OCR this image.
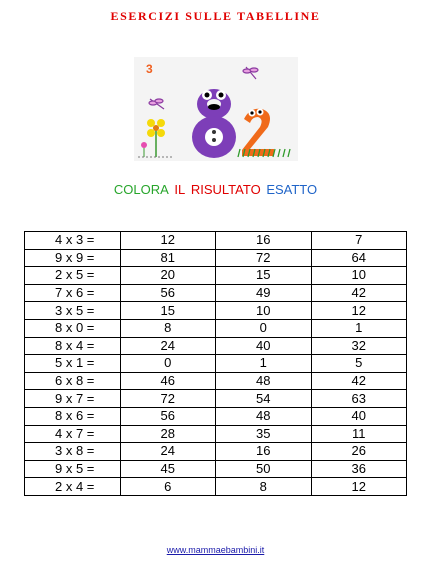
ESERCIZI SULLE TABELLINE
3
COLORA IL RISULTATO ESATTO
4 x 3 =	12	16	7
9 x 9 =	81	72	64
2 x 5 =	20	15	10
7 x 6 =	56	49	42
3 x 5 =	15	10	12
8 x 0 =	8	0	1
8 x 4 =	24	40	32
5 x 1 =	0	1	5
6 x 8 =	46	48	42
9 x 7 =	72	54	63
8 x 6 =	56	48	40
4 x 7 =	28	35	11
3 x 8 =	24	16	26
9 x 5 =	45	50	36
2 x 4 =	6	8	12
www.mammaebambini.it
